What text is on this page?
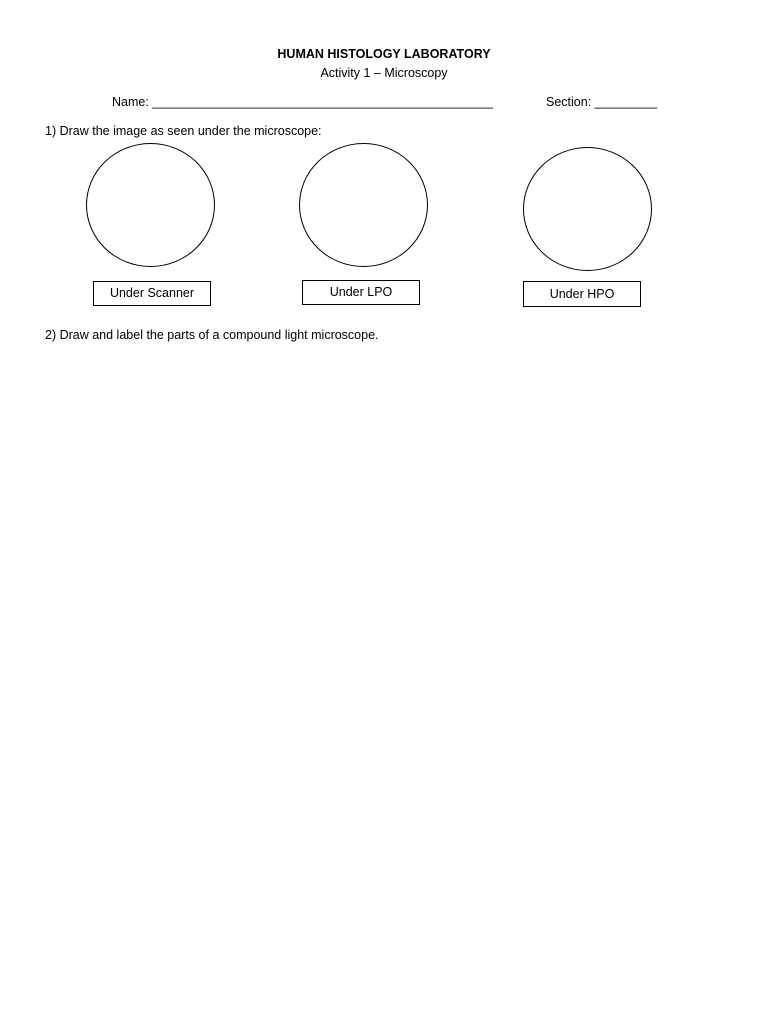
HUMAN HISTOLOGY LABORATORY
Activity 1 – Microscopy
Name: _________________________________________________	Section: _________
1) Draw the image as seen under the microscope:
Under Scanner	Under LPO	Under HPO
2) Draw and label the parts of a compound light microscope.
